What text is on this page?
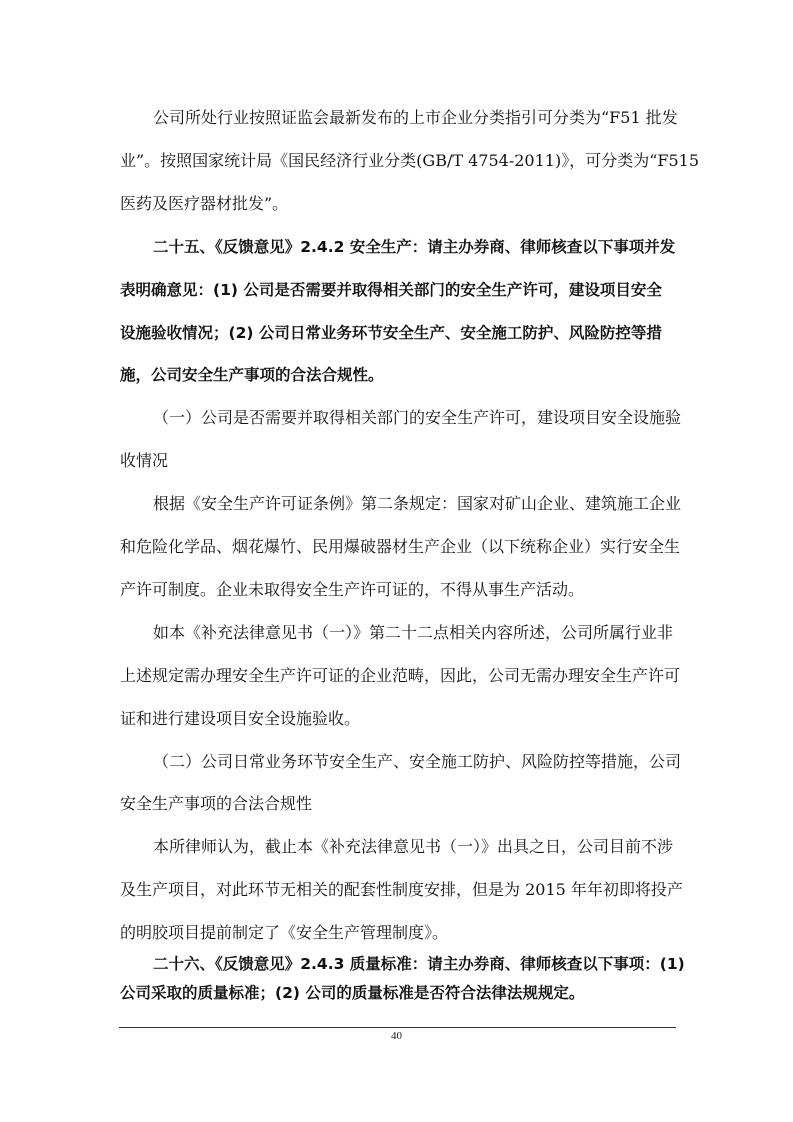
公司所处行业按照证监会最新发布的上市企业分类指引可分类为“F51 批发
业”。按照国家统计局《国民经济行业分类(GB/T 4754-2011)》，可分类为“F515
医药及医疗器材批发”。
二十五、《反馈意见》2.4.2 安全生产：请主办券商、律师核查以下事项并发
表明确意见：(1) 公司是否需要并取得相关部门的安全生产许可，建设项目安全
设施验收情况；(2) 公司日常业务环节安全生产、安全施工防护、风险防控等措
施，公司安全生产事项的合法合规性。
（一）公司是否需要并取得相关部门的安全生产许可，建设项目安全设施验
收情况
根据《安全生产许可证条例》第二条规定：国家对矿山企业、建筑施工企业
和危险化学品、烟花爆竹、民用爆破器材生产企业（以下统称企业）实行安全生
产许可制度。企业未取得安全生产许可证的，不得从事生产活动。
如本《补充法律意见书（一）》第二十二点相关内容所述，公司所属行业非
上述规定需办理安全生产许可证的企业范畴，因此，公司无需办理安全生产许可
证和进行建设项目安全设施验收。
（二）公司日常业务环节安全生产、安全施工防护、风险防控等措施，公司
安全生产事项的合法合规性
本所律师认为，截止本《补充法律意见书（一）》出具之日，公司目前不涉
及生产项目，对此环节无相关的配套性制度安排，但是为 2015 年年初即将投产
的明胶项目提前制定了《安全生产管理制度》。
二十六、《反馈意见》2.4.3 质量标准：请主办券商、律师核查以下事项：(1)
公司采取的质量标准；(2) 公司的质量标准是否符合法律法规规定。
40
